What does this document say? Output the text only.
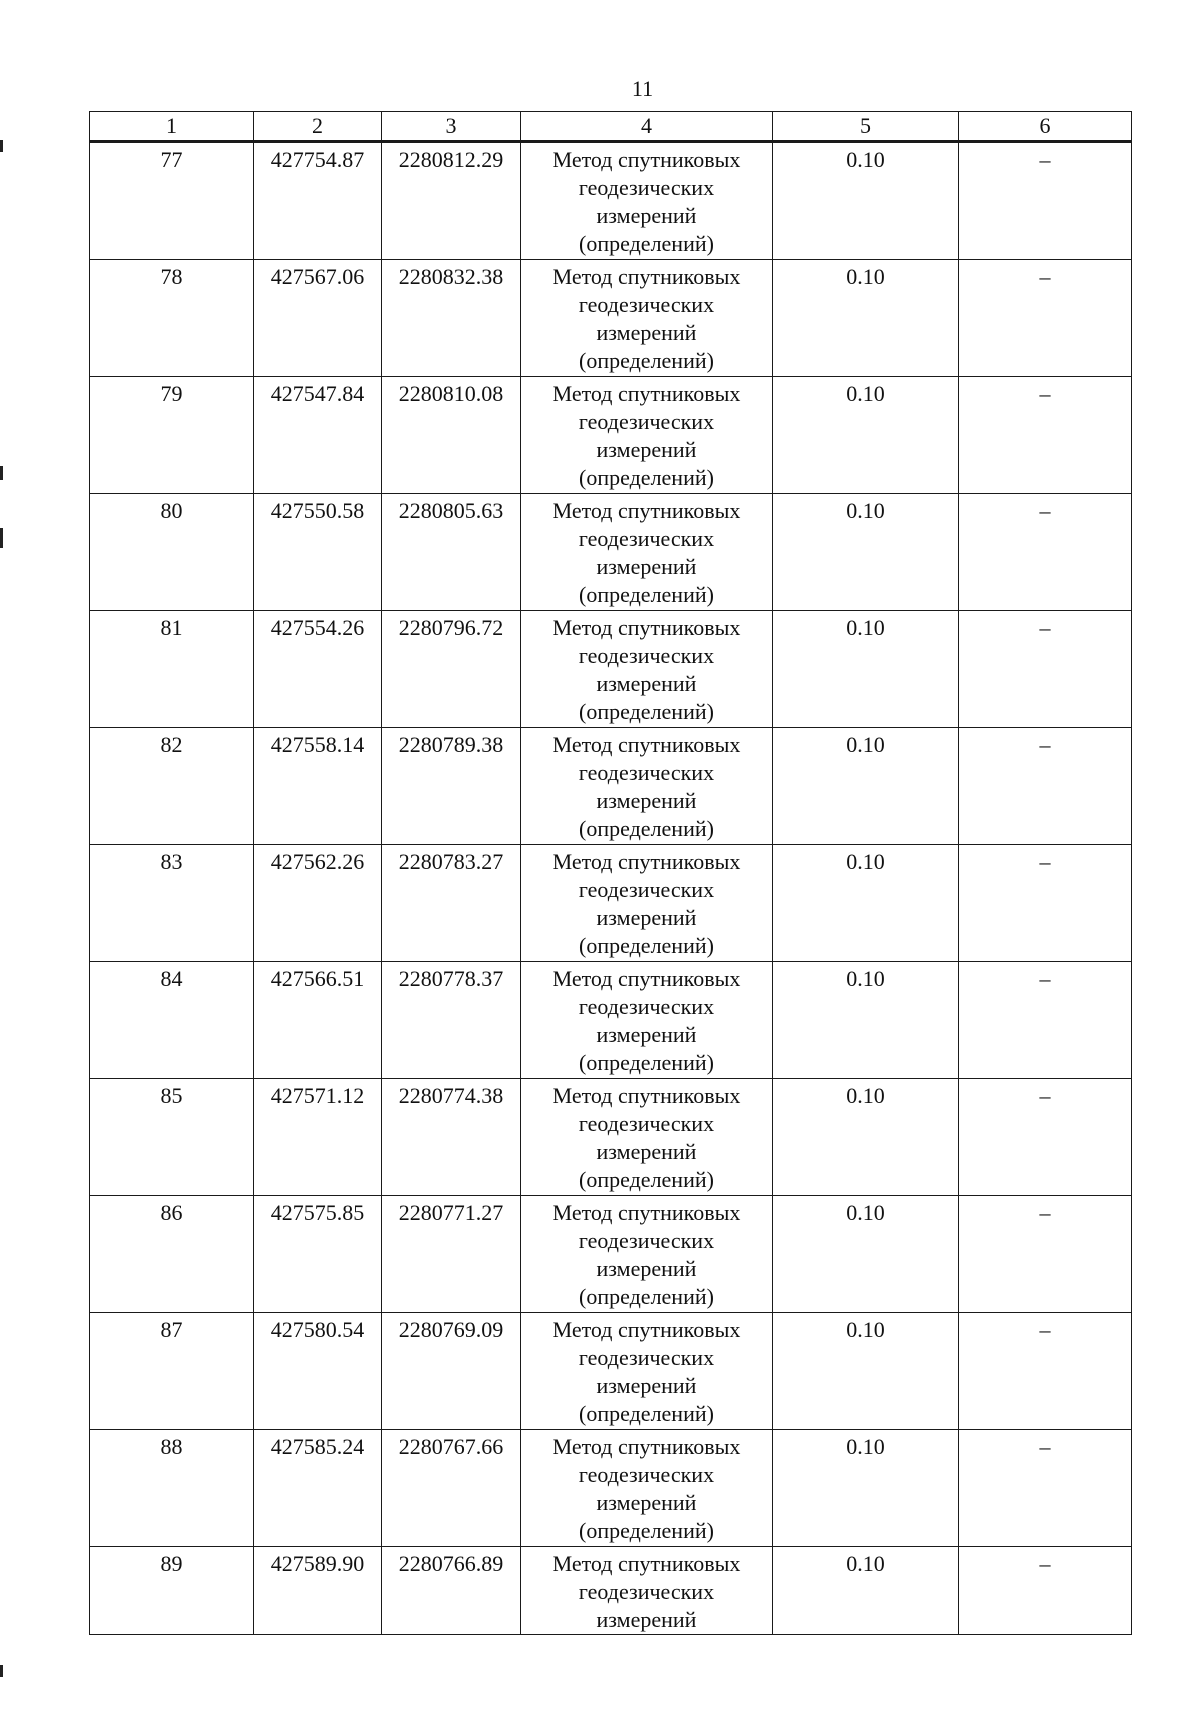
11
1	2	3	4	5	6
77	427754.87	2280812.29	Метод спутниковых
геодезических
измерений
(определений)	0.10	–
78	427567.06	2280832.38	Метод спутниковых
геодезических
измерений
(определений)	0.10	–
79	427547.84	2280810.08	Метод спутниковых
геодезических
измерений
(определений)	0.10	–
80	427550.58	2280805.63	Метод спутниковых
геодезических
измерений
(определений)	0.10	–
81	427554.26	2280796.72	Метод спутниковых
геодезических
измерений
(определений)	0.10	–
82	427558.14	2280789.38	Метод спутниковых
геодезических
измерений
(определений)	0.10	–
83	427562.26	2280783.27	Метод спутниковых
геодезических
измерений
(определений)	0.10	–
84	427566.51	2280778.37	Метод спутниковых
геодезических
измерений
(определений)	0.10	–
85	427571.12	2280774.38	Метод спутниковых
геодезических
измерений
(определений)	0.10	–
86	427575.85	2280771.27	Метод спутниковых
геодезических
измерений
(определений)	0.10	–
87	427580.54	2280769.09	Метод спутниковых
геодезических
измерений
(определений)	0.10	–
88	427585.24	2280767.66	Метод спутниковых
геодезических
измерений
(определений)	0.10	–
89	427589.90	2280766.89	Метод спутниковых
геодезических
измерений	0.10	–
